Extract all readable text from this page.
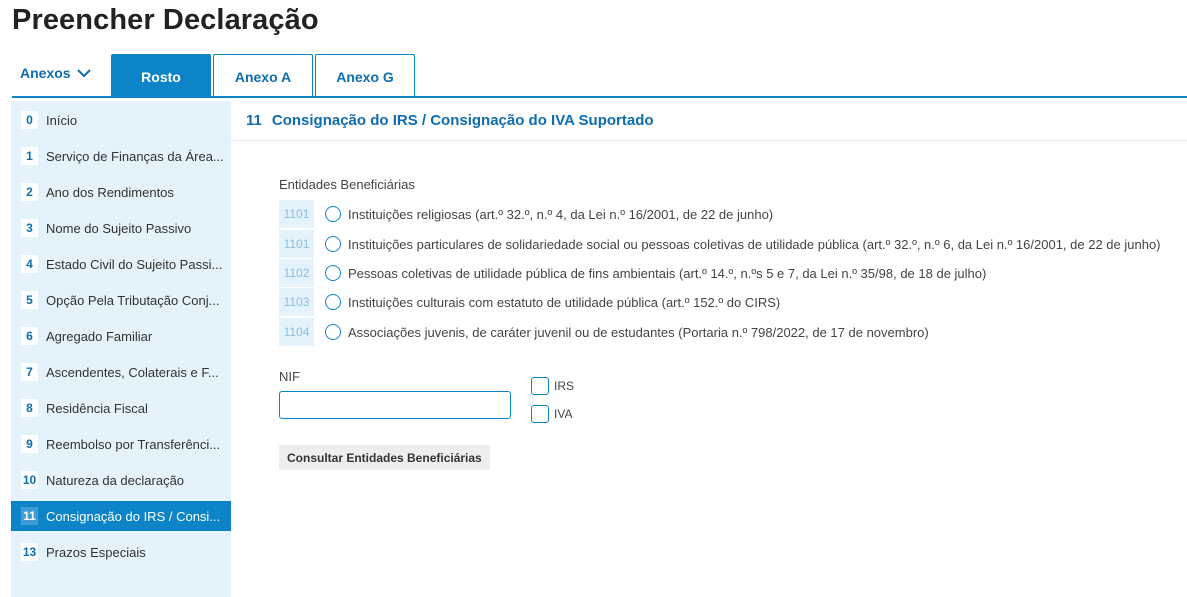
Preencher Declaração
Anexos	Rosto	Anexo A	Anexo G
0	Início
1	Serviço de Finanças da Área...
2	Ano dos Rendimentos
3	Nome do Sujeito Passivo
4	Estado Civil do Sujeito Passi...
5	Opção Pela Tributação Conj...
6	Agregado Familiar
7	Ascendentes, Colaterais e F...
8	Residência Fiscal
9	Reembolso por Transferênci...
10 Natureza da declaração
11 Consignação do IRS / Consi...
13 Prazos Especiais
11 Consignação do IRS / Consignação do IVA Suportado
Entidades Beneficiárias
1101	Instituições religiosas (art.º 32.º, n.º 4, da Lei n.º 16/2001, de 22 de junho)
1101	Instituições particulares de solidariedade social ou pessoas coletivas de utilidade pública (art.º 32.º, n.º 6, da Lei n.º 16/2001, de 22 de junho)
1102	Pessoas coletivas de utilidade pública de fins ambientais (art.º 14.º, n.ºs 5 e 7, da Lei n.º 35/98, de 18 de julho)
1103	Instituições culturais com estatuto de utilidade pública (art.º 152.º do CIRS)
1104	Associações juvenis, de caráter juvenil ou de estudantes (Portaria n.º 798/2022, de 17 de novembro)
NIF
IRS
IVA
Consultar Entidades Beneficiárias
